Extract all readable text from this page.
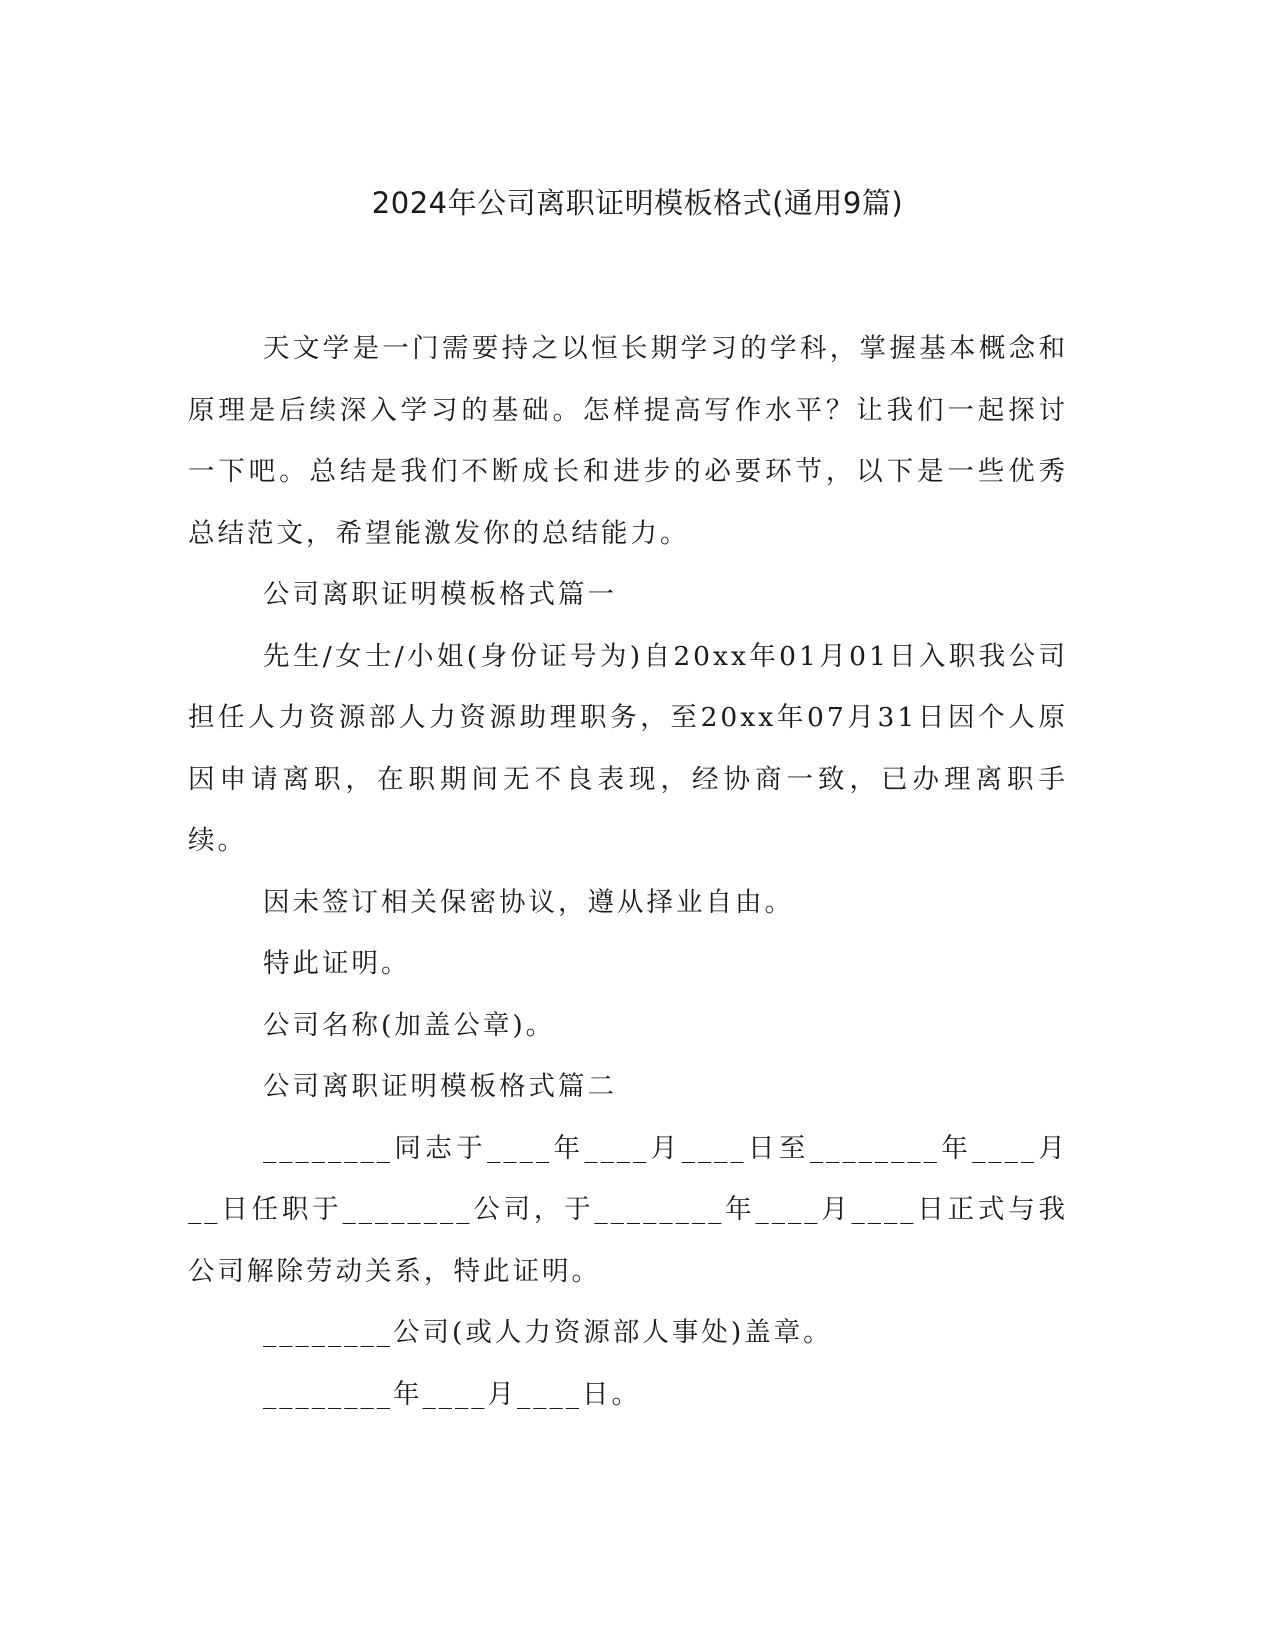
2024年公司离职证明模板格式(通用9篇)

天文学是一门需要持之以恒长期学习的学科，掌握基本概念和原理是后续深入学习的基础。怎样提高写作水平？让我们一起探讨一下吧。总结是我们不断成长和进步的必要环节，以下是一些优秀总结范文，希望能激发你的总结能力。

公司离职证明模板格式篇一

先生/女士/小姐(身份证号为)自20xx年01月01日入职我公司担任人力资源部人力资源助理职务，至20xx年07月31日因个人原因申请离职，在职期间无不良表现，经协商一致，已办理离职手续。

因未签订相关保密协议，遵从择业自由。

特此证明。

公司名称(加盖公章)。

公司离职证明模板格式篇二

________同志于____年____月____日至________年____月__日任职于________公司，于________年____月____日正式与我公司解除劳动关系，特此证明。

________公司(或人力资源部人事处)盖章。

________年____月____日。
